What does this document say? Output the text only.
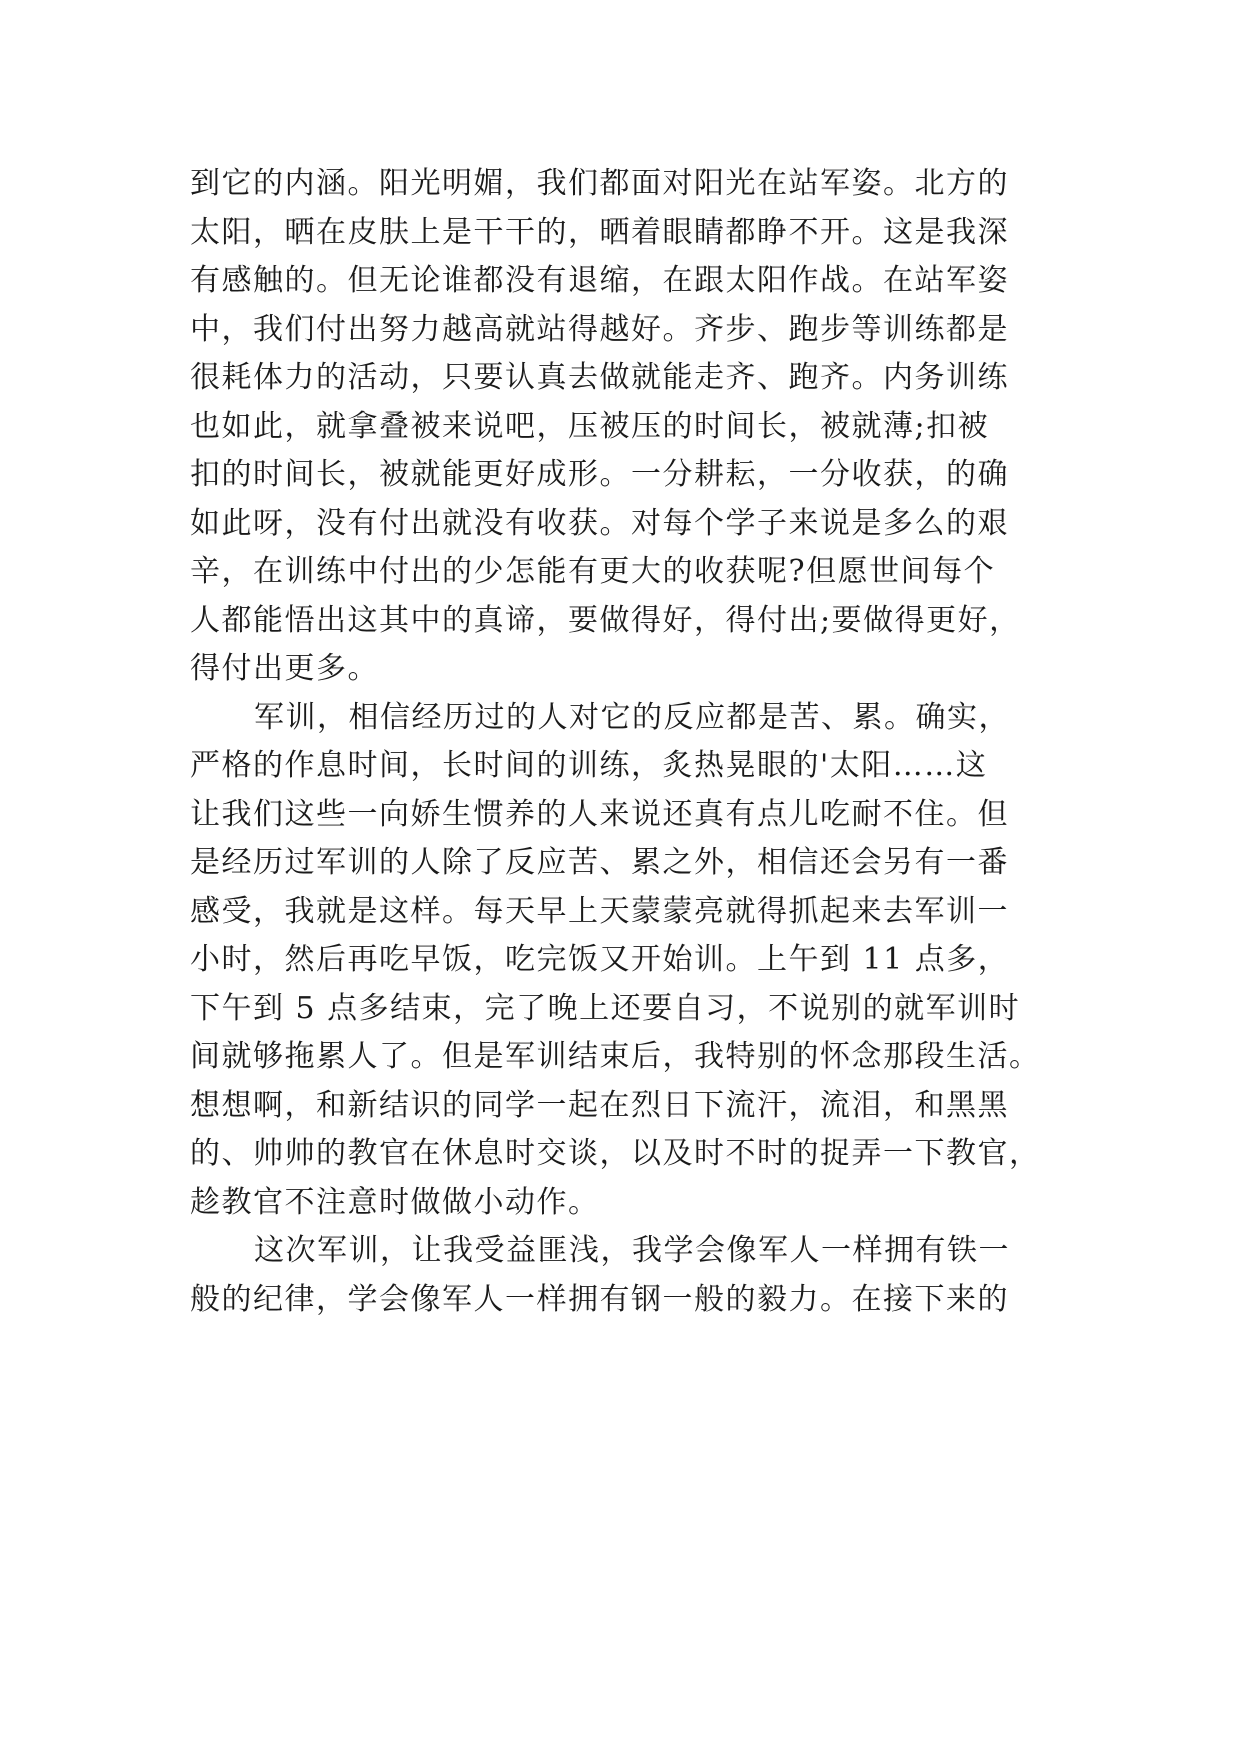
到它的内涵。阳光明媚，我们都面对阳光在站军姿。北方的
太阳，晒在皮肤上是干干的，晒着眼睛都睁不开。这是我深
有感触的。但无论谁都没有退缩，在跟太阳作战。在站军姿
中，我们付出努力越高就站得越好。齐步、跑步等训练都是
很耗体力的活动，只要认真去做就能走齐、跑齐。内务训练
也如此，就拿叠被来说吧，压被压的时间长，被就薄;扣被
扣的时间长，被就能更好成形。一分耕耘，一分收获，的确
如此呀，没有付出就没有收获。对每个学子来说是多么的艰
辛，在训练中付出的少怎能有更大的收获呢?但愿世间每个
人都能悟出这其中的真谛，要做得好，得付出;要做得更好，
得付出更多。
军训，相信经历过的人对它的反应都是苦、累。确实，
严格的作息时间，长时间的训练，炙热晃眼的'太阳……这
让我们这些一向娇生惯养的人来说还真有点儿吃耐不住。但
是经历过军训的人除了反应苦、累之外，相信还会另有一番
感受，我就是这样。每天早上天蒙蒙亮就得抓起来去军训一
小时，然后再吃早饭，吃完饭又开始训。上午到 11 点多，
下午到 5 点多结束，完了晚上还要自习，不说别的就军训时
间就够拖累人了。但是军训结束后，我特别的怀念那段生活。
想想啊，和新结识的同学一起在烈日下流汗，流泪，和黑黑
的、帅帅的教官在休息时交谈，以及时不时的捉弄一下教官，
趁教官不注意时做做小动作。
这次军训，让我受益匪浅，我学会像军人一样拥有铁一
般的纪律，学会像军人一样拥有钢一般的毅力。在接下来的
